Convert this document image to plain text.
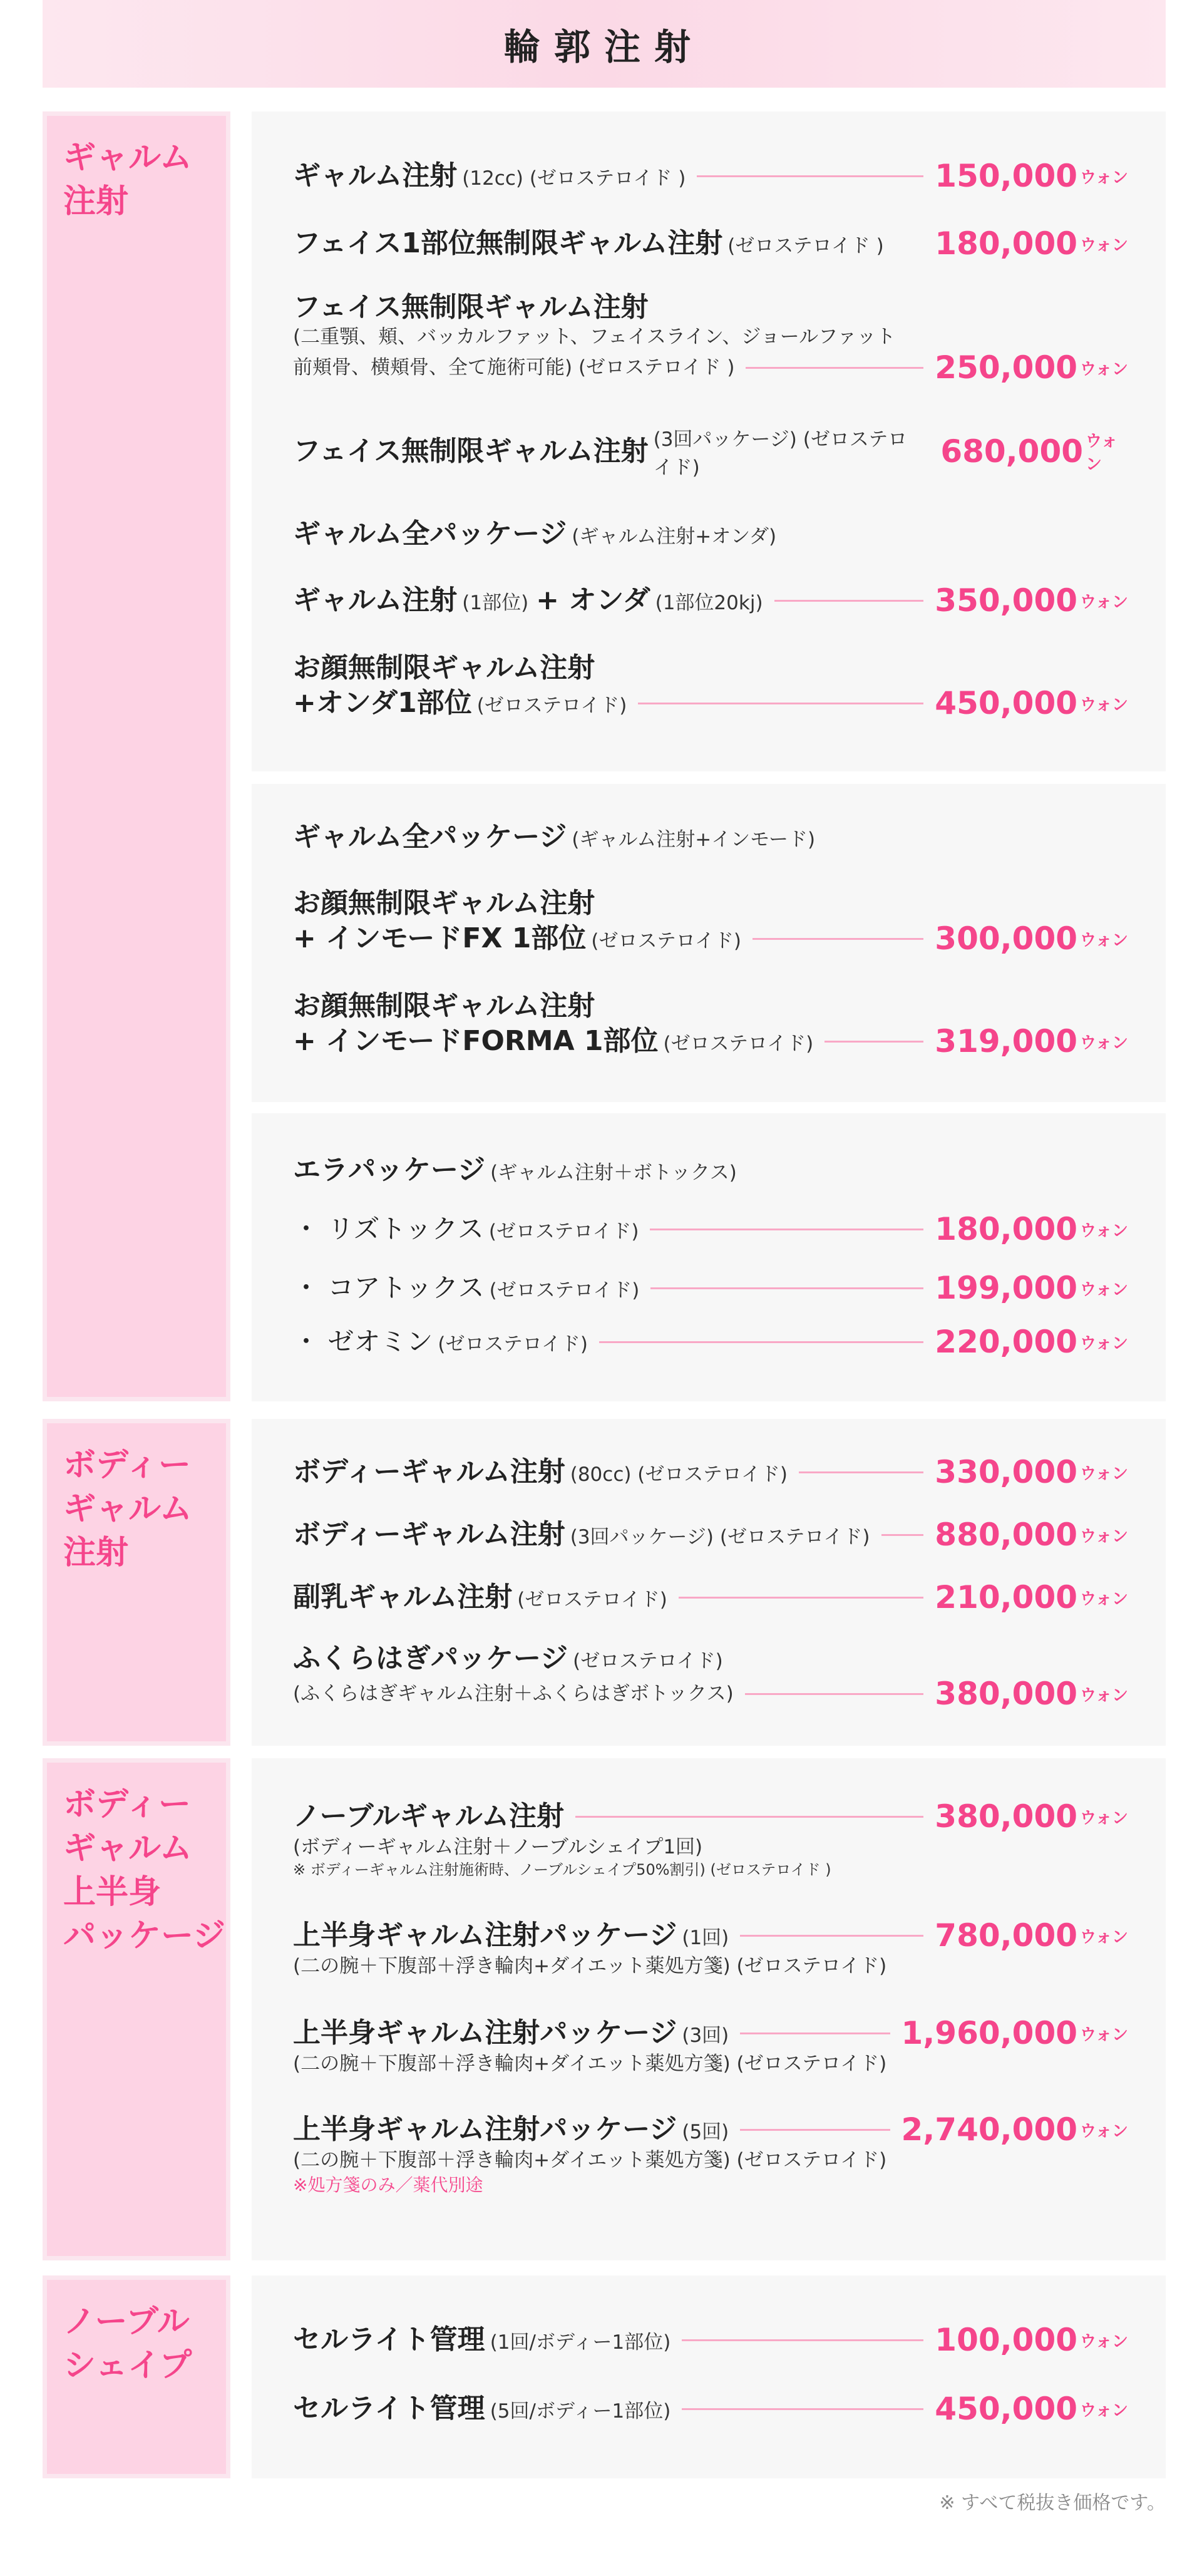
輪郭注射
ギャルム
注射
ギャルム注射 (12cc) (ゼロステロイド )	150,000 ウォン
フェイス1部位無制限ギャルム注射 (ゼロステロイド ) 180,000 ウォン
フェイス無制限ギャルム注射
(二重顎、頬、バッカルファット、フェイスライン、ジョールファット
前頬骨、横頬骨、全て施術可能) (ゼロステロイド )	250,000 ウォン
フェイス無制限ギャルム注射 (3回パッケージ) (ゼロステロイド)	680,000 ウォン
ギャルム全パッケージ (ギャルム注射+オンダ)
ギャルム注射 (1部位) + オンダ (1部位20kj)	350,000 ウォン
お顔無制限ギャルム注射
+オンダ1部位 (ゼロステロイド)	450,000 ウォン
ギャルム全パッケージ (ギャルム注射+インモード)
お顔無制限ギャルム注射
+ インモードFX 1部位 (ゼロステロイド)	300,000 ウォン
お顔無制限ギャルム注射
+ インモードFORMA 1部位 (ゼロステロイド)	319,000 ウォン
エラパッケージ (ギャルム注射＋ボトックス)
・ リズトックス (ゼロステロイド)	180,000 ウォン
・ コアトックス (ゼロステロイド)	199,000 ウォン
・ ゼオミン (ゼロステロイド)	220,000 ウォン
ボディー
ギャルム
注射
ボディーギャルム注射 (80cc) (ゼロステロイド)	330,000 ウォン
ボディーギャルム注射 (3回パッケージ) (ゼロステロイド) 880,000 ウォン
副乳ギャルム注射 (ゼロステロイド)	210,000 ウォン
ふくらはぎパッケージ (ゼロステロイド)
(ふくらはぎギャルム注射＋ふくらはぎボトックス)	380,000 ウォン
ボディー
ギャルム
上半身
パッケージ
ノーブルギャルム注射	380,000 ウォン
(ボディーギャルム注射＋ノーブルシェイプ1回)
※ ボディーギャルム注射施術時、ノーブルシェイプ50%割引) (ゼロステロイド )
上半身ギャルム注射パッケージ (1回)	780,000 ウォン
(二の腕＋下腹部＋浮き輪肉+ダイエット薬処方箋) (ゼロステロイド)
上半身ギャルム注射パッケージ (3回)	1,960,000 ウォン
(二の腕＋下腹部＋浮き輪肉+ダイエット薬処方箋) (ゼロステロイド)
上半身ギャルム注射パッケージ (5回)	2,740,000 ウォン
(二の腕＋下腹部＋浮き輪肉+ダイエット薬処方箋) (ゼロステロイド)
※処方箋のみ／薬代別途
ノーブル
シェイプ
セルライト管理 (1回/ボディー1部位)	100,000 ウォン
セルライト管理 (5回/ボディー1部位)	450,000 ウォン
※ すべて税抜き価格です。
